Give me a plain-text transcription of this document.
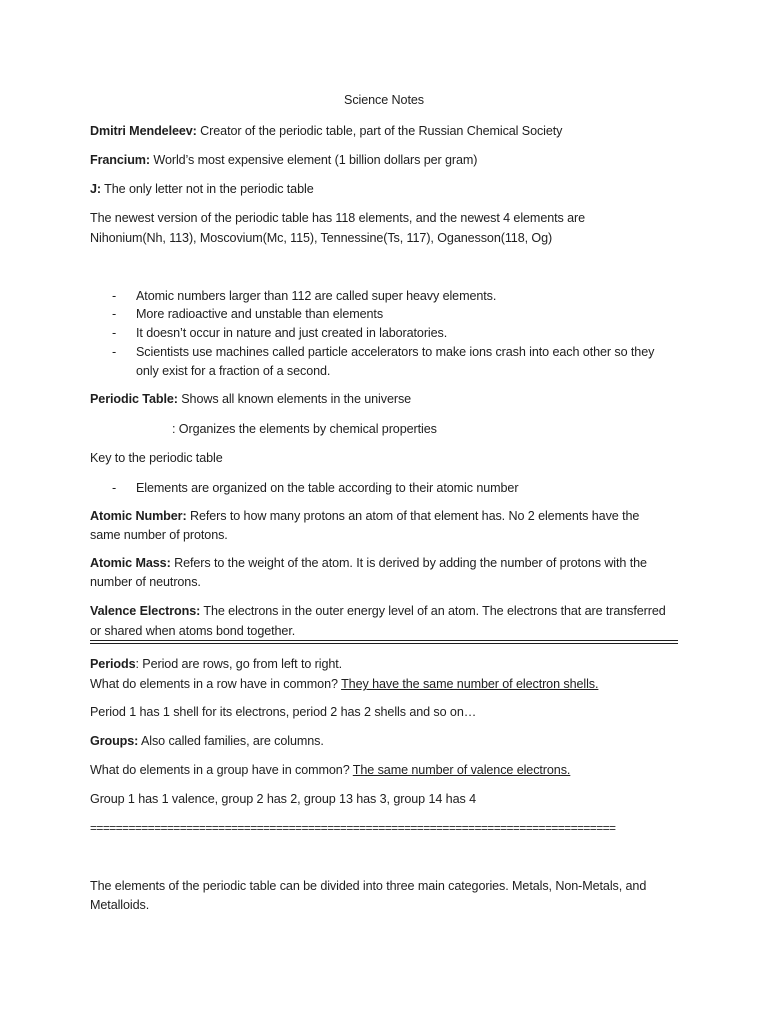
Science Notes
Dmitri Mendeleev: Creator of the periodic table, part of the Russian Chemical Society
Francium: World’s most expensive element (1 billion dollars per gram)
J: The only letter not in the periodic table
The newest version of the periodic table has 118 elements, and the newest 4 elements are
Nihonium(Nh, 113), Moscovium(Mc, 115), Tennessine(Ts, 117), Oganesson(118, Og)
- Atomic numbers larger than 112 are called super heavy elements.
- More radioactive and unstable than elements
- It doesn’t occur in nature and just created in laboratories.
- Scientists use machines called particle accelerators to make ions crash into each other so they
only exist for a fraction of a second.
Periodic Table: Shows all known elements in the universe
: Organizes the elements by chemical properties
Key to the periodic table
- Elements are organized on the table according to their atomic number
Atomic Number: Refers to how many protons an atom of that element has. No 2 elements have the
same number of protons.
Atomic Mass: Refers to the weight of the atom. It is derived by adding the number of protons with the
number of neutrons.
Valence Electrons: The electrons in the outer energy level of an atom. The electrons that are transferred
or shared when atoms bond together.
Periods: Period are rows, go from left to right.
What do elements in a row have in common? They have the same number of electron shells.
Period 1 has 1 shell for its electrons, period 2 has 2 shells and so on…
Groups: Also called families, are columns.
What do elements in a group have in common? The same number of valence electrons.
Group 1 has 1 valence, group 2 has 2, group 13 has 3, group 14 has 4
==================================================================================
The elements of the periodic table can be divided into three main categories. Metals, Non-Metals, and
Metalloids.
